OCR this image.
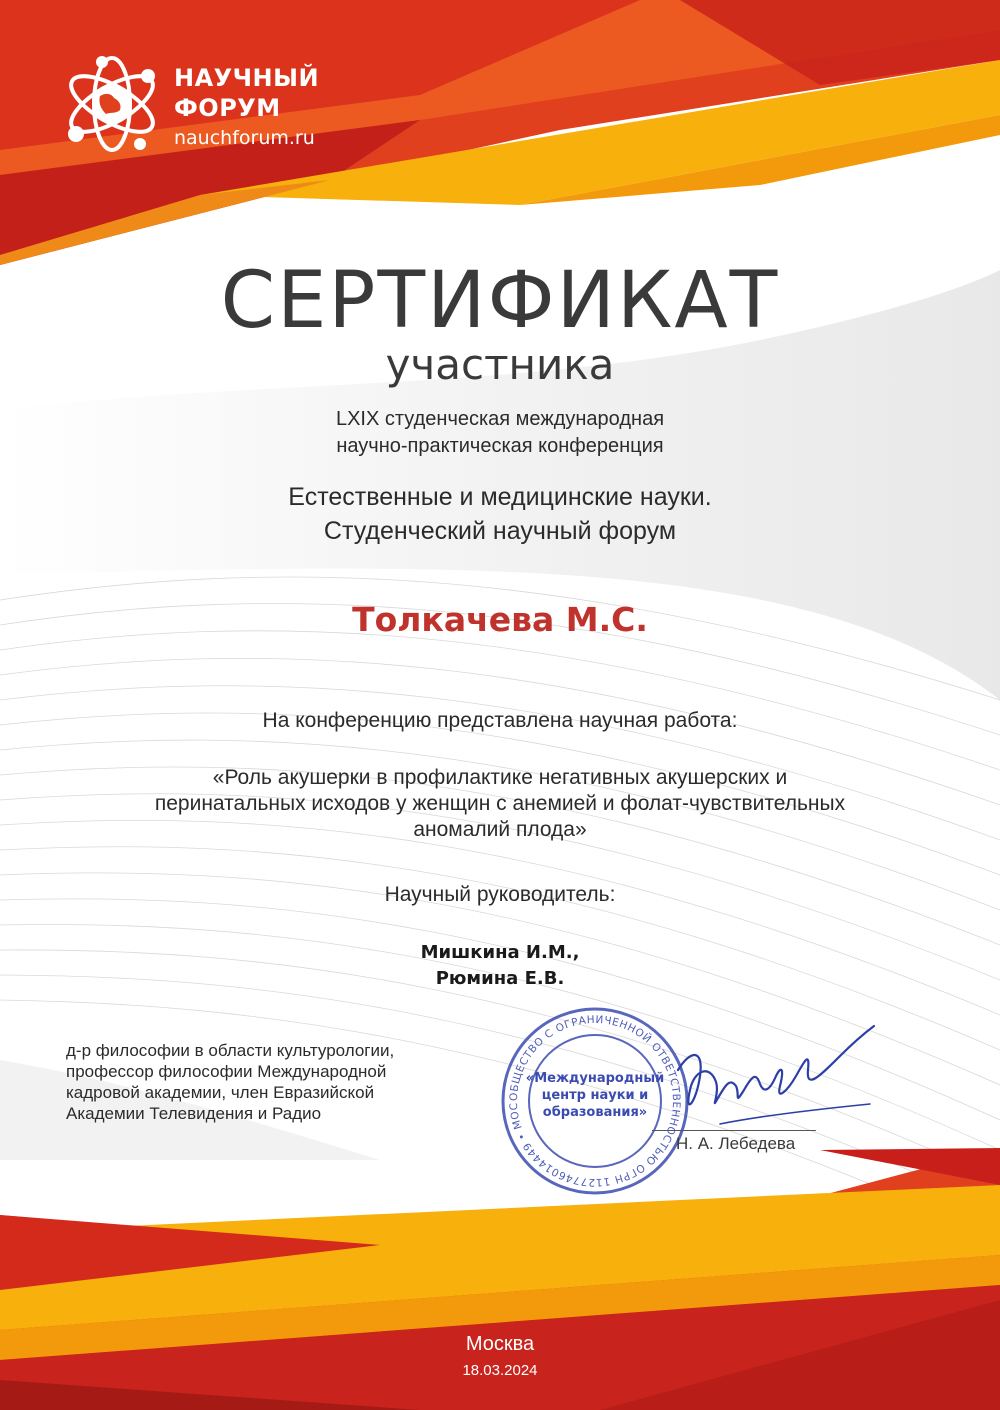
НАУЧНЫЙ
ФОРУМ
nauchforum.ru
СЕРТИФИКАТ
участника
LXIX студенческая международная
научно-практическая конференция
Естественные и медицинские науки.
Студенческий научный форум
Толкачева М.С.
На конференцию представлена научная работа:
«Роль акушерки в профилактике негативных акушерских и
перинатальных исходов у женщин с анемией и фолат-чувствительных
аномалий плода»
Научный руководитель:
Мишкина И.М.,
Рюмина Е.В.
д-р философии в области культурологии,
профессор философии Международной
кадровой академии, член Евразийской
Академии Телевидения и Радио
ОБЩЕСТВО С ОГРАНИЧЕННОЙ ОТВЕТСТВЕНН СТЬЮ ОГРН 1127746014449 • МОС
«Международный
центр науки и
образования»
Н. А. Лебедева
Москва
18.03.2024
